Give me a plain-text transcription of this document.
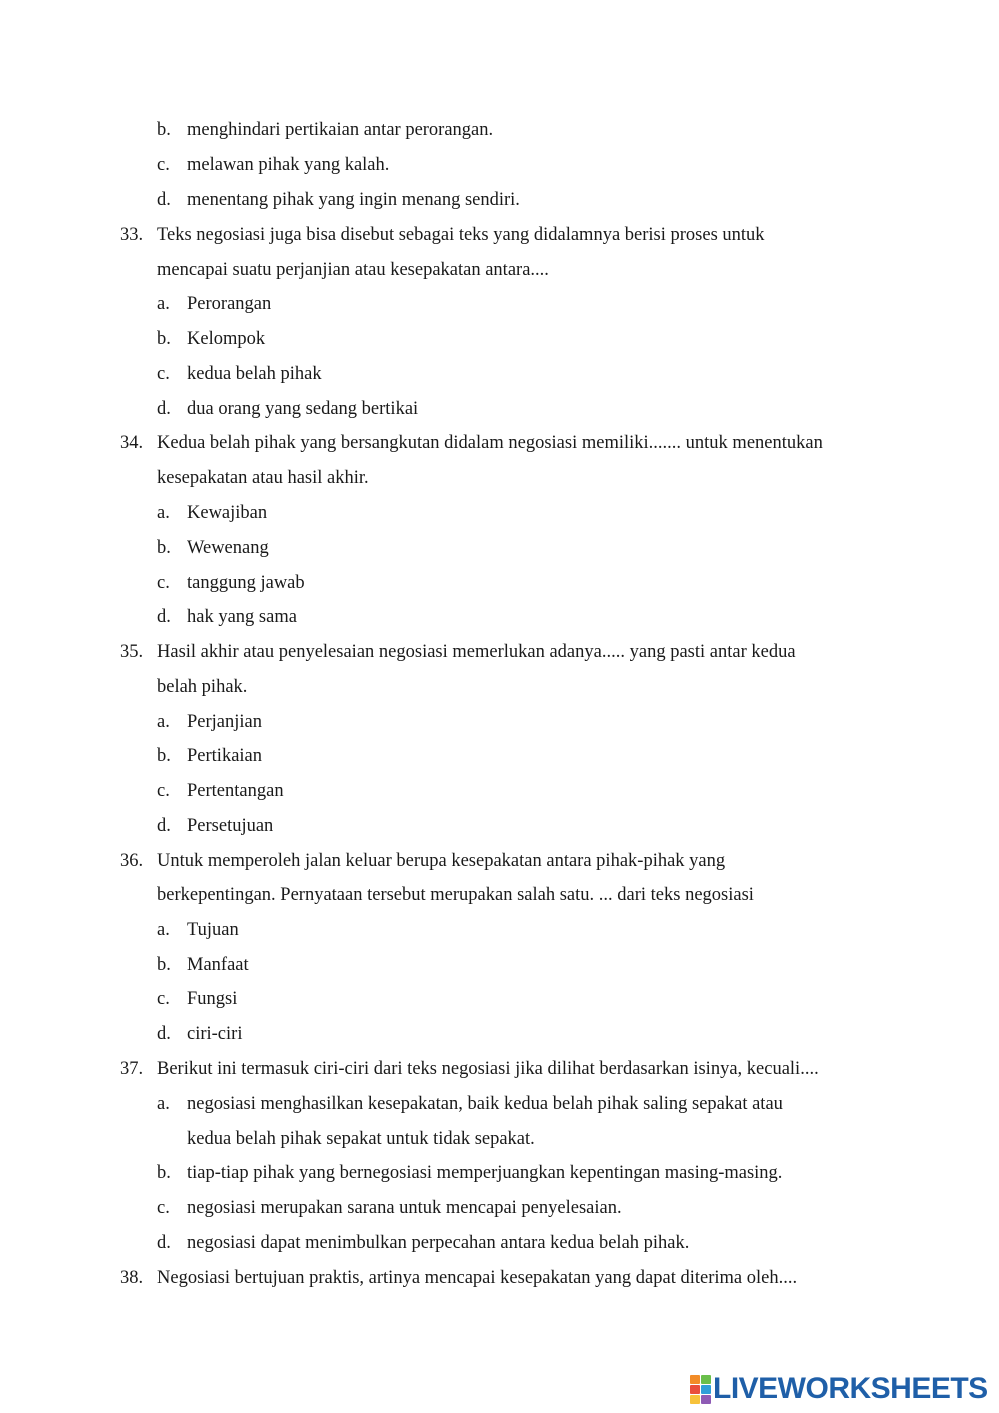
b. menghindari pertikaian antar perorangan.
c. melawan pihak yang kalah.
d. menentang pihak yang ingin menang sendiri.
33. Teks negosiasi juga bisa disebut sebagai teks yang didalamnya berisi proses untuk
mencapai suatu perjanjian atau kesepakatan antara....
a. Perorangan
b. Kelompok
c. kedua belah pihak
d. dua orang yang sedang bertikai
34. Kedua belah pihak yang bersangkutan didalam negosiasi memiliki....... untuk menentukan
kesepakatan atau hasil akhir.
a. Kewajiban
b. Wewenang
c. tanggung jawab
d. hak yang sama
35. Hasil akhir atau penyelesaian negosiasi memerlukan adanya..... yang pasti antar kedua
belah pihak.
a. Perjanjian
b. Pertikaian
c. Pertentangan
d. Persetujuan
36. Untuk memperoleh jalan keluar berupa kesepakatan antara pihak-pihak yang
berkepentingan. Pernyataan tersebut merupakan salah satu. ... dari teks negosiasi
a. Tujuan
b. Manfaat
c. Fungsi
d. ciri-ciri
37. Berikut ini termasuk ciri-ciri dari teks negosiasi jika dilihat berdasarkan isinya, kecuali....
a. negosiasi menghasilkan kesepakatan, baik kedua belah pihak saling sepakat atau
kedua belah pihak sepakat untuk tidak sepakat.
b. tiap-tiap pihak yang bernegosiasi memperjuangkan kepentingan masing-masing.
c. negosiasi merupakan sarana untuk mencapai penyelesaian.
d. negosiasi dapat menimbulkan perpecahan antara kedua belah pihak.
38. Negosiasi bertujuan praktis, artinya mencapai kesepakatan yang dapat diterima oleh....
LIVEWORKSHEETS
